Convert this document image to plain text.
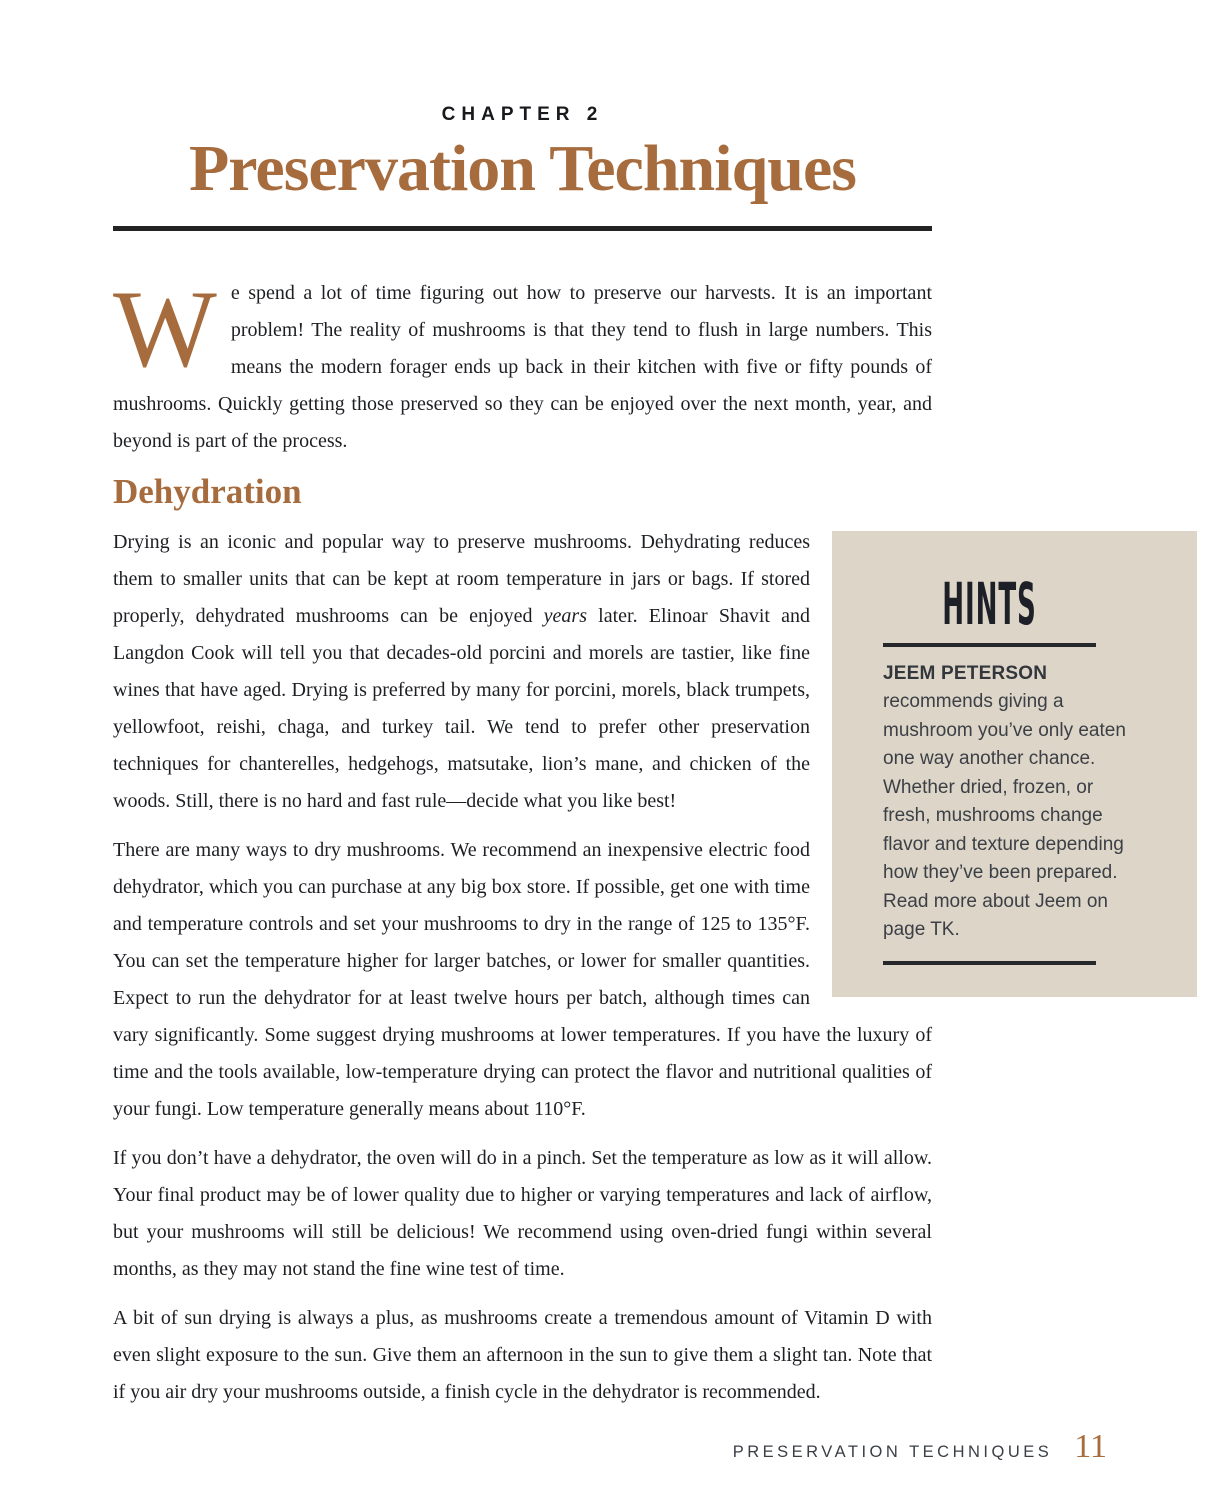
CHAPTER 2
Preservation Techniques

We spend a lot of time figuring out how to preserve our harvests. It is an important problem! The reality of mushrooms is that they tend to flush in large numbers. This means the modern forager ends up back in their kitchen with five or fifty pounds of mushrooms. Quickly getting those preserved so they can be enjoyed over the next month, year, and beyond is part of the process.

Dehydration

Drying is an iconic and popular way to preserve mushrooms. Dehydrating reduces them to smaller units that can be kept at room temperature in jars or bags. If stored properly, dehydrated mushrooms can be enjoyed years later. Elinoar Shavit and Langdon Cook will tell you that decades-old porcini and morels are tastier, like fine wines that have aged. Drying is preferred by many for porcini, morels, black trumpets, yellowfoot, reishi, chaga, and turkey tail. We tend to prefer other preservation techniques for chanterelles, hedgehogs, matsutake, lion’s mane, and chicken of the woods. Still, there is no hard and fast rule—decide what you like best!

There are many ways to dry mushrooms. We recommend an inexpensive electric food dehydrator, which you can purchase at any big box store. If possible, get one with time and temperature controls and set your mushrooms to dry in the range of 125 to 135°F. You can set the temperature higher for larger batches, or lower for smaller quantities. Expect to run the dehydrator for at least twelve hours per batch, although times can vary significantly. Some suggest drying mushrooms at lower temperatures. If you have the luxury of time and the tools available, low-temperature drying can protect the flavor and nutritional qualities of your fungi. Low temperature generally means about 110°F.

If you don’t have a dehydrator, the oven will do in a pinch. Set the temperature as low as it will allow. Your final product may be of lower quality due to higher or varying temperatures and lack of airflow, but your mushrooms will still be delicious! We recommend using oven-dried fungi within several months, as they may not stand the fine wine test of time.

A bit of sun drying is always a plus, as mushrooms create a tremendous amount of Vitamin D with even slight exposure to the sun. Give them an afternoon in the sun to give them a slight tan. Note that if you air dry your mushrooms outside, a finish cycle in the dehydrator is recommended.

HINTS

JEEM PETERSON

recommends giving a mushroom you’ve only eaten one way another chance. Whether dried, frozen, or fresh, mushrooms change flavor and texture depending how they’ve been prepared. Read more about Jeem on page TK.

PRESERVATION TECHNIQUES 11
